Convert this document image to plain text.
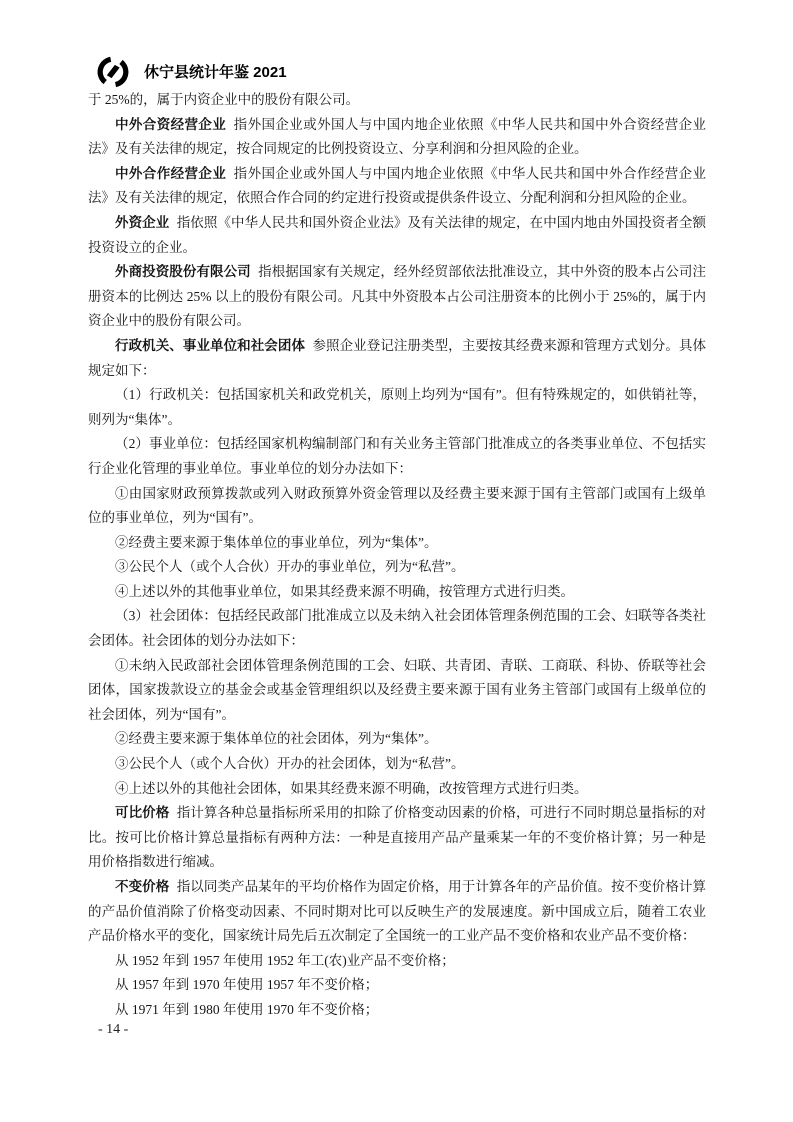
休宁县统计年鉴 2021

于 25%的，属于内资企业中的股份有限公司。

中外合资经营企业 指外国企业或外国人与中国内地企业依照《中华人民共和国中外合资经营企业法》及有关法律的规定，按合同规定的比例投资设立、分享利润和分担风险的企业。

中外合作经营企业 指外国企业或外国人与中国内地企业依照《中华人民共和国中外合作经营企业法》及有关法律的规定，依照合作合同的约定进行投资或提供条件设立、分配利润和分担风险的企业。

外资企业 指依照《中华人民共和国外资企业法》及有关法律的规定，在中国内地由外国投资者全额投资设立的企业。

外商投资股份有限公司 指根据国家有关规定，经外经贸部依法批准设立，其中外资的股本占公司注册资本的比例达 25% 以上的股份有限公司。凡其中外资股本占公司注册资本的比例小于 25%的，属于内资企业中的股份有限公司。

行政机关、事业单位和社会团体 参照企业登记注册类型，主要按其经费来源和管理方式划分。具体规定如下：

（1）行政机关：包括国家机关和政党机关，原则上均列为“国有”。但有特殊规定的，如供销社等，则列为“集体”。

（2）事业单位：包括经国家机构编制部门和有关业务主管部门批准成立的各类事业单位、不包括实行企业化管理的事业单位。事业单位的划分办法如下：

①由国家财政预算拨款或列入财政预算外资金管理以及经费主要来源于国有主管部门或国有上级单位的事业单位，列为“国有”。

②经费主要来源于集体单位的事业单位，列为“集体”。

③公民个人（或个人合伙）开办的事业单位，列为“私营”。

④上述以外的其他事业单位，如果其经费来源不明确，按管理方式进行归类。

（3）社会团体：包括经民政部门批准成立以及未纳入社会团体管理条例范围的工会、妇联等各类社会团体。社会团体的划分办法如下：

①未纳入民政部社会团体管理条例范围的工会、妇联、共青团、青联、工商联、科协、侨联等社会团体，国家拨款设立的基金会或基金管理组织以及经费主要来源于国有业务主管部门或国有上级单位的社会团体，列为“国有”。

②经费主要来源于集体单位的社会团体，列为“集体”。

③公民个人（或个人合伙）开办的社会团体，划为“私营”。

④上述以外的其他社会团体，如果其经费来源不明确，改按管理方式进行归类。

可比价格 指计算各种总量指标所采用的扣除了价格变动因素的价格，可进行不同时期总量指标的对比。按可比价格计算总量指标有两种方法：一种是直接用产品产量乘某一年的不变价格计算；另一种是用价格指数进行缩减。

不变价格 指以同类产品某年的平均价格作为固定价格，用于计算各年的产品价值。按不变价格计算的产品价值消除了价格变动因素、不同时期对比可以反映生产的发展速度。新中国成立后，随着工农业产品价格水平的变化，国家统计局先后五次制定了全国统一的工业产品不变价格和农业产品不变价格：

从 1952 年到 1957 年使用 1952 年工(农)业产品不变价格；

从 1957 年到 1970 年使用 1957 年不变价格；

从 1971 年到 1980 年使用 1970 年不变价格；

- 14 -
